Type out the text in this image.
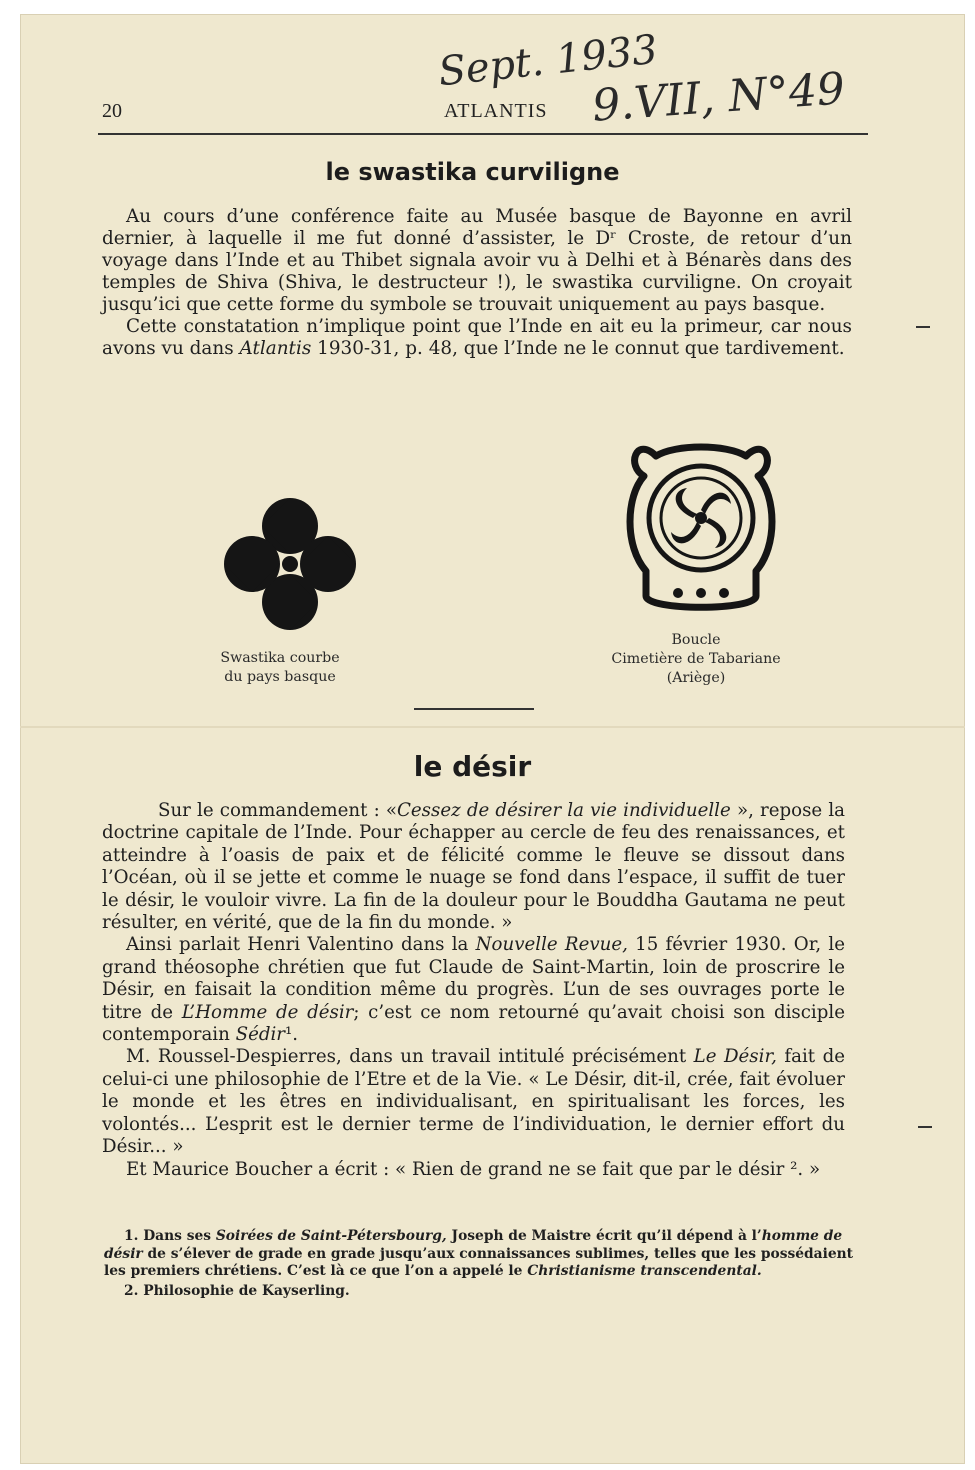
20	ATLANTIS
Sept. 1933
9.VII, N°49
le swastika curviligne

Au cours d’une conférence faite au Musée basque de Bayonne en avril dernier, à laquelle il me fut donné d’assister, le Dʳ Croste, de retour d’un voyage dans l’Inde et au Thibet signala avoir vu à Delhi et à Bénarès dans des temples de Shiva (Shiva, le destructeur !), le swastika curviligne. On croyait jusqu’ici que cette forme du symbole se trouvait uniquement au pays basque.

Cette constatation n’implique point que l’Inde en ait eu la primeur, car nous avons vu dans Atlantis 1930-31, p. 48, que l’Inde ne le connut que tardivement.

Swastika courbe
du pays basque
Boucle
Cimetière de Tabariane
(Ariège)
le désir

Sur le commandement : «Cessez de désirer la vie individuelle », repose la doctrine capitale de l’Inde. Pour échapper au cercle de feu des renaissances, et atteindre à l’oasis de paix et de félicité comme le fleuve se dissout dans l’Océan, où il se jette et comme le nuage se fond dans l’espace, il suffit de tuer le désir, le vouloir vivre. La fin de la douleur pour le Bouddha Gautama ne peut résulter, en vérité, que de la fin du monde. »

Ainsi parlait Henri Valentino dans la Nouvelle Revue, 15 février 1930. Or, le grand théosophe chrétien que fut Claude de Saint-Martin, loin de proscrire le Désir, en faisait la condition même du progrès. L’un de ses ouvrages porte le titre de L’Homme de désir; c’est ce nom retourné qu’avait choisi son disciple contemporain Sédir¹.

M. Roussel-Despierres, dans un travail intitulé précisément Le Désir, fait de celui-ci une philosophie de l’Etre et de la Vie. « Le Désir, dit-il, crée, fait évoluer le monde et les êtres en individualisant, en spiritualisant les forces, les volontés... L’esprit est le dernier terme de l’individuation, le dernier effort du Désir... »

Et Maurice Boucher a écrit : « Rien de grand ne se fait que par le désir ². »

1. Dans ses Soirées de Saint-Pétersbourg, Joseph de Maistre écrit qu’il dépend à l’homme de désir de s’élever de grade en grade jusqu’aux connaissances sublimes, telles que les possédaient les premiers chrétiens. C’est là ce que l’on a appelé le Christianisme transcendental.

2. Philosophie de Kayserling.
